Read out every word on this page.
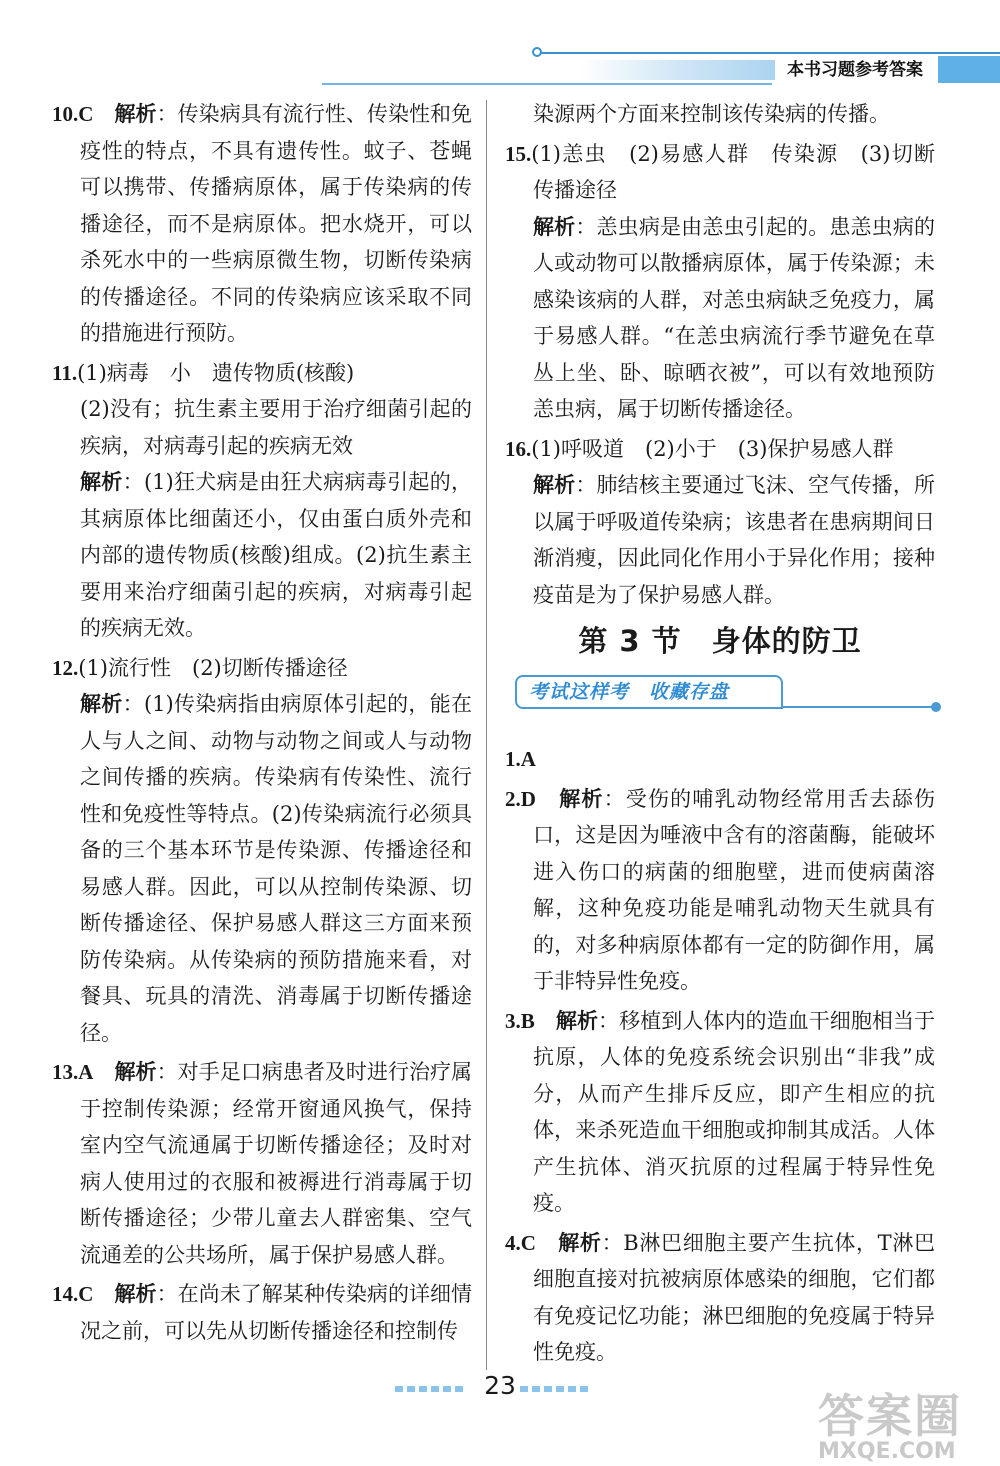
本书习题参考答案
10.C　 解析：传染病具有流行性、传染性和免疫性的特点，不具有遗传性。蚊子、苍蝇可以携带、传播病原体，属于传染病的传播途径，而不是病原体。把水烧开，可以杀死水中的一些病原微生物，切断传染病的传播途径。不同的传染病应该采取不同的措施进行预防。
11.(1)病毒　小　遗传物质(核酸)
(2)没有；抗生素主要用于治疗细菌引起的疾病，对病毒引起的疾病无效
解析：(1)狂犬病是由狂犬病病毒引起的，其病原体比细菌还小，仅由蛋白质外壳和内部的遗传物质(核酸)组成。(2)抗生素主要用来治疗细菌引起的疾病，对病毒引起的疾病无效。
12.(1)流行性　(2)切断传播途径
解析：(1)传染病指由病原体引起的，能在人与人之间、动物与动物之间或人与动物之间传播的疾病。传染病有传染性、流行性和免疫性等特点。(2)传染病流行必须具备的三个基本环节是传染源、传播途径和易感人群。因此，可以从控制传染源、切断传播途径、保护易感人群这三方面来预防传染病。从传染病的预防措施来看，对餐具、玩具的清洗、消毒属于切断传播途径。
13.A　 解析：对手足口病患者及时进行治疗属于控制传染源；经常开窗通风换气，保持室内空气流通属于切断传播途径；及时对病人使用过的衣服和被褥进行消毒属于切断传播途径；少带儿童去人群密集、空气流通差的公共场所，属于保护易感人群。
14.C　 解析：在尚未了解某种传染病的详细情况之前，可以先从切断传播途径和控制传
染源两个方面来控制该传染病的传播。
15.(1)恙虫　(2)易感人群　传染源　(3)切断传播途径
解析：恙虫病是由恙虫引起的。患恙虫病的人或动物可以散播病原体，属于传染源；未感染该病的人群，对恙虫病缺乏免疫力，属于易感人群。“在恙虫病流行季节避免在草丛上坐、卧、晾晒衣被”，可以有效地预防恙虫病，属于切断传播途径。
16.(1)呼吸道　(2)小于　(3)保护易感人群
解析：肺结核主要通过飞沫、空气传播，所以属于呼吸道传染病；该患者在患病期间日渐消瘦，因此同化作用小于异化作用；接种疫苗是为了保护易感人群。
第 3 节　身体的防卫
考试这样考　收藏存盘
1.A
2.D　 解析：受伤的哺乳动物经常用舌去舔伤口，这是因为唾液中含有的溶菌酶，能破坏进入伤口的病菌的细胞壁，进而使病菌溶解，这种免疫功能是哺乳动物天生就具有的，对多种病原体都有一定的防御作用，属于非特异性免疫。
3.B　 解析：移植到人体内的造血干细胞相当于抗原，人体的免疫系统会识别出“非我”成分，从而产生排斥反应，即产生相应的抗体，来杀死造血干细胞或抑制其成活。人体产生抗体、消灭抗原的过程属于特异性免疫。
4.C　 解析：B淋巴细胞主要产生抗体，T淋巴细胞直接对抗被病原体感染的细胞，它们都有免疫记忆功能；淋巴细胞的免疫属于特异性免疫。
23
答案圈
MXQE.COM
